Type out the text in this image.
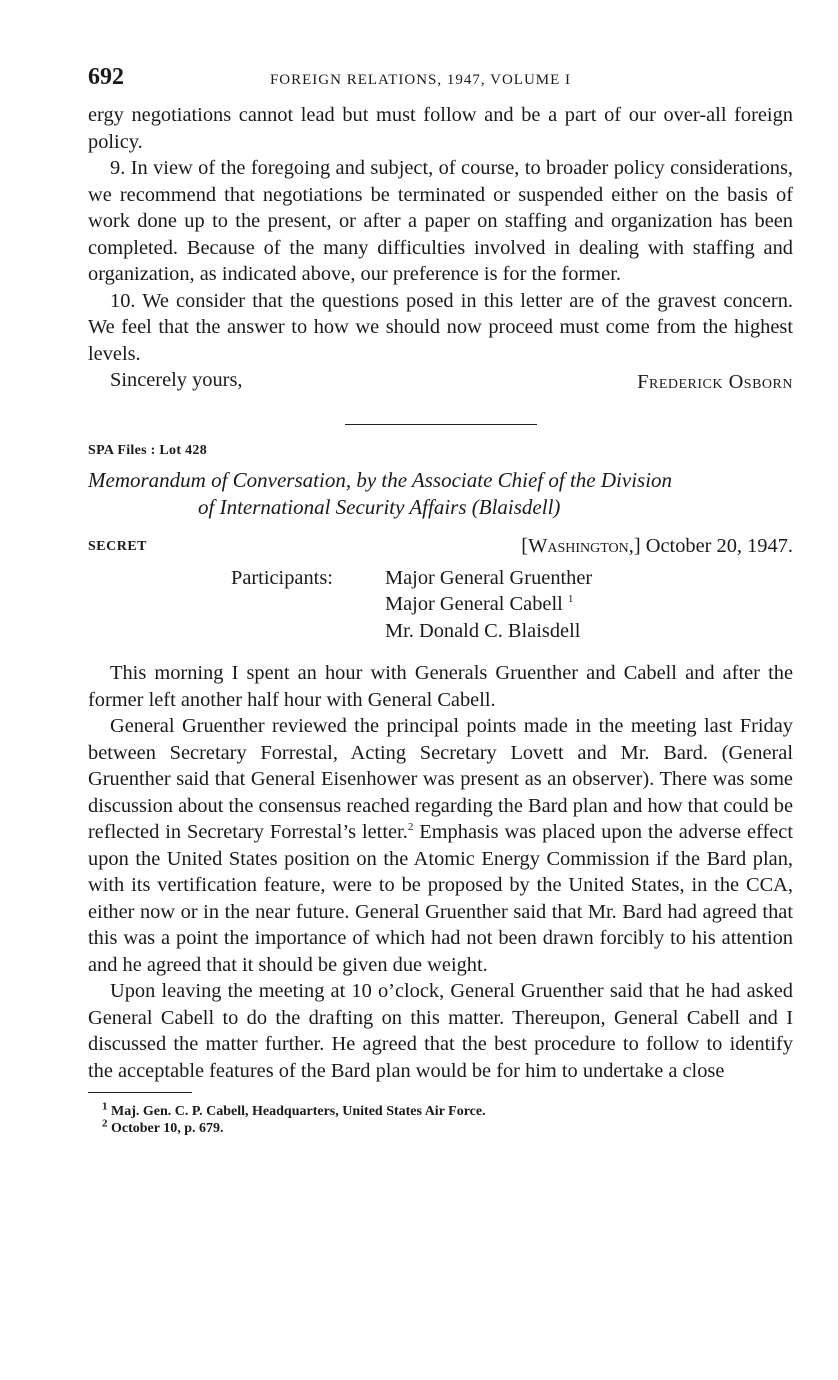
692	FOREIGN RELATIONS, 1947, VOLUME I

ergy negotiations cannot lead but must follow and be a part of our over-all foreign policy.

9. In view of the foregoing and subject, of course, to broader policy considerations, we recommend that negotiations be terminated or suspended either on the basis of work done up to the present, or after a paper on staffing and organization has been completed. Because of the many difficulties involved in dealing with staffing and organization, as indicated above, our preference is for the former.

10. We consider that the questions posed in this letter are of the gravest concern. We feel that the answer to how we should now proceed must come from the highest levels.

Sincerely yours,	Frederick Osborn
SPA Files : Lot 428
Memorandum of Conversation, by the Associate Chief of the Division
of International Security Affairs (Blaisdell)
SECRET	[Washington,] October 20, 1947.
Participants:	Major General Gruenther
Major General Cabell $^1$
Mr. Donald C. Blaisdell

This morning I spent an hour with Generals Gruenther and Cabell and after the former left another half hour with General Cabell.

General Gruenther reviewed the principal points made in the meeting last Friday between Secretary Forrestal, Acting Secretary Lovett and Mr. Bard. (General Gruenther said that General Eisenhower was present as an observer). There was some discussion about the consensus reached regarding the Bard plan and how that could be reflected in Secretary Forrestal’s letter.$^2$ Emphasis was placed upon the adverse effect upon the United States position on the Atomic Energy Commission if the Bard plan, with its vertification feature, were to be proposed by the United States, in the CCA, either now or in the near future. General Gruenther said that Mr. Bard had agreed that this was a point the importance of which had not been drawn forcibly to his attention and he agreed that it should be given due weight.

Upon leaving the meeting at 10 o’clock, General Gruenther said that he had asked General Cabell to do the drafting on this matter. Thereupon, General Cabell and I discussed the matter further. He agreed that the best procedure to follow to identify the acceptable features of the Bard plan would be for him to undertake a close

$^1$ Maj. Gen. C. P. Cabell, Headquarters, United States Air Force.
$^2$ October 10, p. 679.
